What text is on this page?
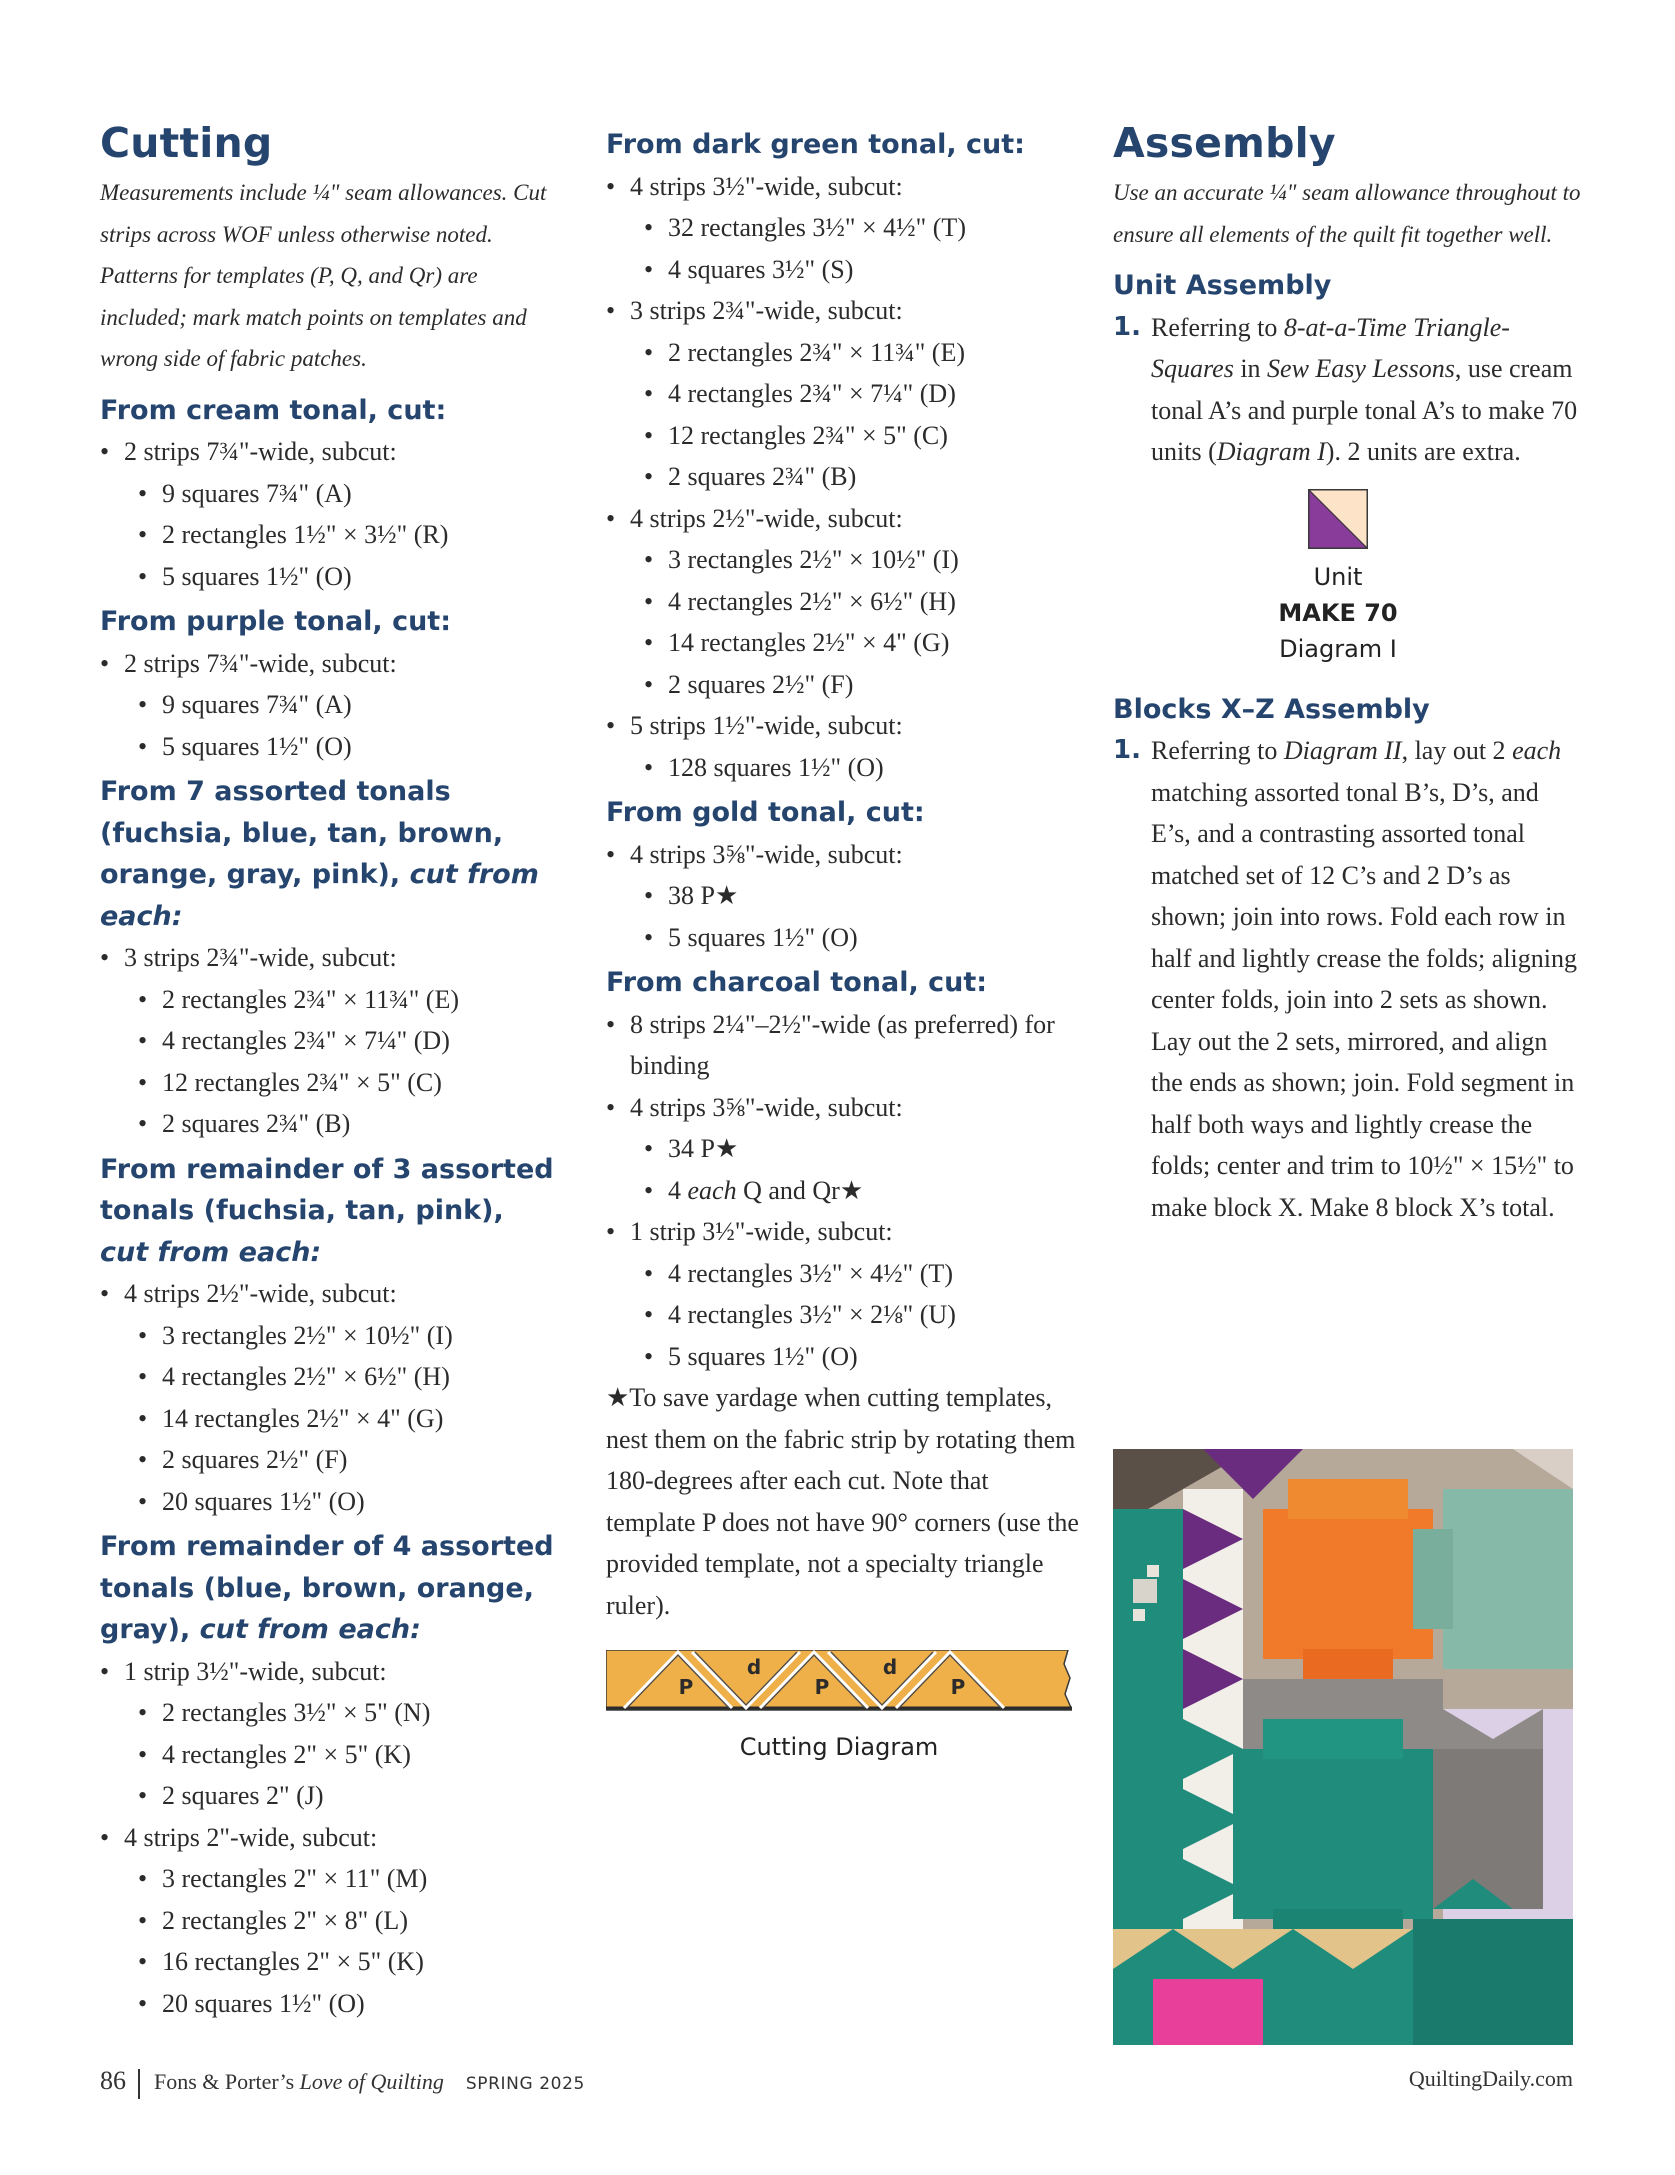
Cutting

Measurements include ¼" seam allowances. Cut strips across WOF unless otherwise noted. Patterns for templates (P, Q, and Qr) are included; mark match points on templates and wrong side of fabric patches.

From cream tonal, cut:
• 2 strips 7¾"-wide, subcut:
• 9 squares 7¾" (A)
• 2 rectangles 1½" × 3½" (R)
• 5 squares 1½" (O)
From purple tonal, cut:
• 2 strips 7¾"-wide, subcut:
• 9 squares 7¾" (A)
• 5 squares 1½" (O)
From 7 assorted tonals (fuchsia, blue, tan, brown, orange, gray, pink), cut from each:
• 3 strips 2¾"-wide, subcut:
• 2 rectangles 2¾" × 11¾" (E)
• 4 rectangles 2¾" × 7¼" (D)
• 12 rectangles 2¾" × 5" (C)
• 2 squares 2¾" (B)
From remainder of 3 assorted tonals (fuchsia, tan, pink),
cut from each:
• 4 strips 2½"-wide, subcut:
• 3 rectangles 2½" × 10½" (I)
• 4 rectangles 2½" × 6½" (H)
• 14 rectangles 2½" × 4" (G)
• 2 squares 2½" (F)
• 20 squares 1½" (O)
From remainder of 4 assorted tonals (blue, brown, orange, gray), cut from each:
• 1 strip 3½"-wide, subcut:
• 2 rectangles 3½" × 5" (N)
• 4 rectangles 2" × 5" (K)
• 2 squares 2" (J)
• 4 strips 2"-wide, subcut:
• 3 rectangles 2" × 11" (M)
• 2 rectangles 2" × 8" (L)
• 16 rectangles 2" × 5" (K)
• 20 squares 1½" (O)
From dark green tonal, cut:
• 4 strips 3½"-wide, subcut:
• 32 rectangles 3½" × 4½" (T)
• 4 squares 3½" (S)
• 3 strips 2¾"-wide, subcut:
• 2 rectangles 2¾" × 11¾" (E)
• 4 rectangles 2¾" × 7¼" (D)
• 12 rectangles 2¾" × 5" (C)
• 2 squares 2¾" (B)
• 4 strips 2½"-wide, subcut:
• 3 rectangles 2½" × 10½" (I)
• 4 rectangles 2½" × 6½" (H)
• 14 rectangles 2½" × 4" (G)
• 2 squares 2½" (F)
• 5 strips 1½"-wide, subcut:
• 128 squares 1½" (O)
From gold tonal, cut:
• 4 strips 3⅝"-wide, subcut:
• 38 P★
• 5 squares 1½" (O)
From charcoal tonal, cut:
• 8 strips 2¼"–2½"-wide (as preferred) for binding
• 4 strips 3⅝"-wide, subcut:
• 34 P★
• 4 each Q and Qr★
• 1 strip 3½"-wide, subcut:
• 4 rectangles 3½" × 4½" (T)
• 4 rectangles 3½" × 2⅛" (U)
• 5 squares 1½" (O)

★To save yardage when cutting templates, nest them on the fabric strip by rotating them 180-degrees after each cut. Note that template P does not have 90° corners (use the provided template, not a specialty triangle ruler).

P
d
P
d
P
Cutting Diagram
Assembly

Use an accurate ¼" seam allowance throughout to ensure all elements of the quilt fit together well.

Unit Assembly

1. Referring to 8-at-a-Time Triangle-Squares in Sew Easy Lessons, use cream tonal A’s and purple tonal A’s to make 70 units (Diagram I). 2 units are extra.

Unit
MAKE 70
Diagram I
Blocks X–Z Assembly

1. Referring to Diagram II, lay out 2 each matching assorted tonal B’s, D’s, and E’s, and a contrasting assorted tonal matched set of 12 C’s and 2 D’s as shown; join into rows. Fold each row in half and lightly crease the folds; aligning center folds, join into 2 sets as shown. Lay out the 2 sets, mirrored, and align the ends as shown; join. Fold segment in half both ways and lightly crease the folds; center and trim to 10½" × 15½" to make block X. Make 8 block X’s total.

86 Fons & Porter’s Love of Quilting SPRING 2025	QuiltingDaily.com
